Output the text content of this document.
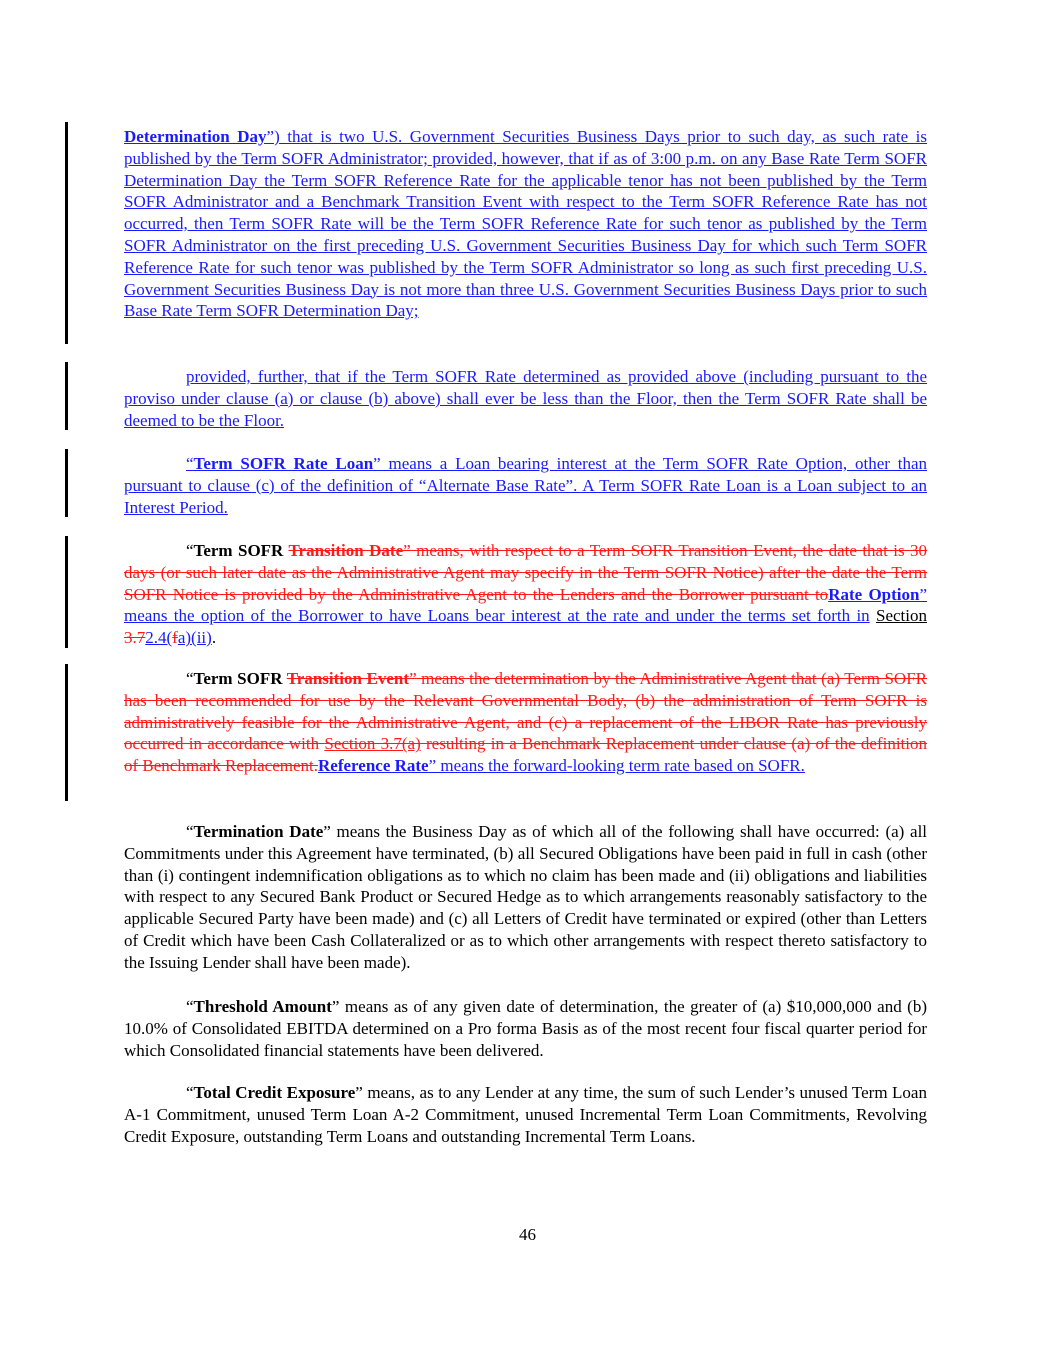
Determination Day”) that is two U.S. Government Securities Business Days prior to such day, as such rate is published by the Term SOFR Administrator; provided, however, that if as of 3:00 p.m. on any Base Rate Term SOFR Determination Day the Term SOFR Reference Rate for the applicable tenor has not been published by the Term SOFR Administrator and a Benchmark Transition Event with respect to the Term SOFR Reference Rate has not occurred, then Term SOFR Rate will be the Term SOFR Reference Rate for such tenor as published by the Term SOFR Administrator on the first preceding U.S. Government Securities Business Day for which such Term SOFR Reference Rate for such tenor was published by the Term SOFR Administrator so long as such first preceding U.S. Government Securities Business Day is not more than three U.S. Government Securities Business Days prior to such Base Rate Term SOFR Determination Day;

provided, further, that if the Term SOFR Rate determined as provided above (including pursuant to the proviso under clause (a) or clause (b) above) shall ever be less than the Floor, then the Term SOFR Rate shall be deemed to be the Floor.

“Term SOFR Rate Loan” means a Loan bearing interest at the Term SOFR Rate Option, other than pursuant to clause (c) of the definition of “Alternate Base Rate”. A Term SOFR Rate Loan is a Loan subject to an Interest Period.

“Term SOFR Transition Date” means, with respect to a Term SOFR Transition Event, the date that is 30 days (or such later date as the Administrative Agent may specify in the Term SOFR Notice) after the date the Term SOFR Notice is provided by the Administrative Agent to the Lenders and the Borrower pursuant toRate Option” means the option of the Borrower to have Loans bear interest at the rate and under the terms set forth in Section 3.72.4(fa)(ii).

“Term SOFR Transition Event” means the determination by the Administrative Agent that (a) Term SOFR has been recommended for use by the Relevant Governmental Body, (b) the administration of Term SOFR is administratively feasible for the Administrative Agent, and (c) a replacement of the LIBOR Rate has previously occurred in accordance with Section 3.7(a) resulting in a Benchmark Replacement under clause (a) of the definition of Benchmark Replacement.Reference Rate” means the forward-looking term rate based on SOFR.

“Termination Date” means the Business Day as of which all of the following shall have occurred: (a) all Commitments under this Agreement have terminated, (b) all Secured Obligations have been paid in full in cash (other than (i) contingent indemnification obligations as to which no claim has been made and (ii) obligations and liabilities with respect to any Secured Bank Product or Secured Hedge as to which arrangements reasonably satisfactory to the applicable Secured Party have been made) and (c) all Letters of Credit have terminated or expired (other than Letters of Credit which have been Cash Collateralized or as to which other arrangements with respect thereto satisfactory to the Issuing Lender shall have been made).

“Threshold Amount” means as of any given date of determination, the greater of (a) $10,000,000 and (b) 10.0% of Consolidated EBITDA determined on a Pro forma Basis as of the most recent four fiscal quarter period for which Consolidated financial statements have been delivered.

“Total Credit Exposure” means, as to any Lender at any time, the sum of such Lender’s unused Term Loan A-1 Commitment, unused Term Loan A-2 Commitment, unused Incremental Term Loan Commitments, Revolving Credit Exposure, outstanding Term Loans and outstanding Incremental Term Loans.

46
